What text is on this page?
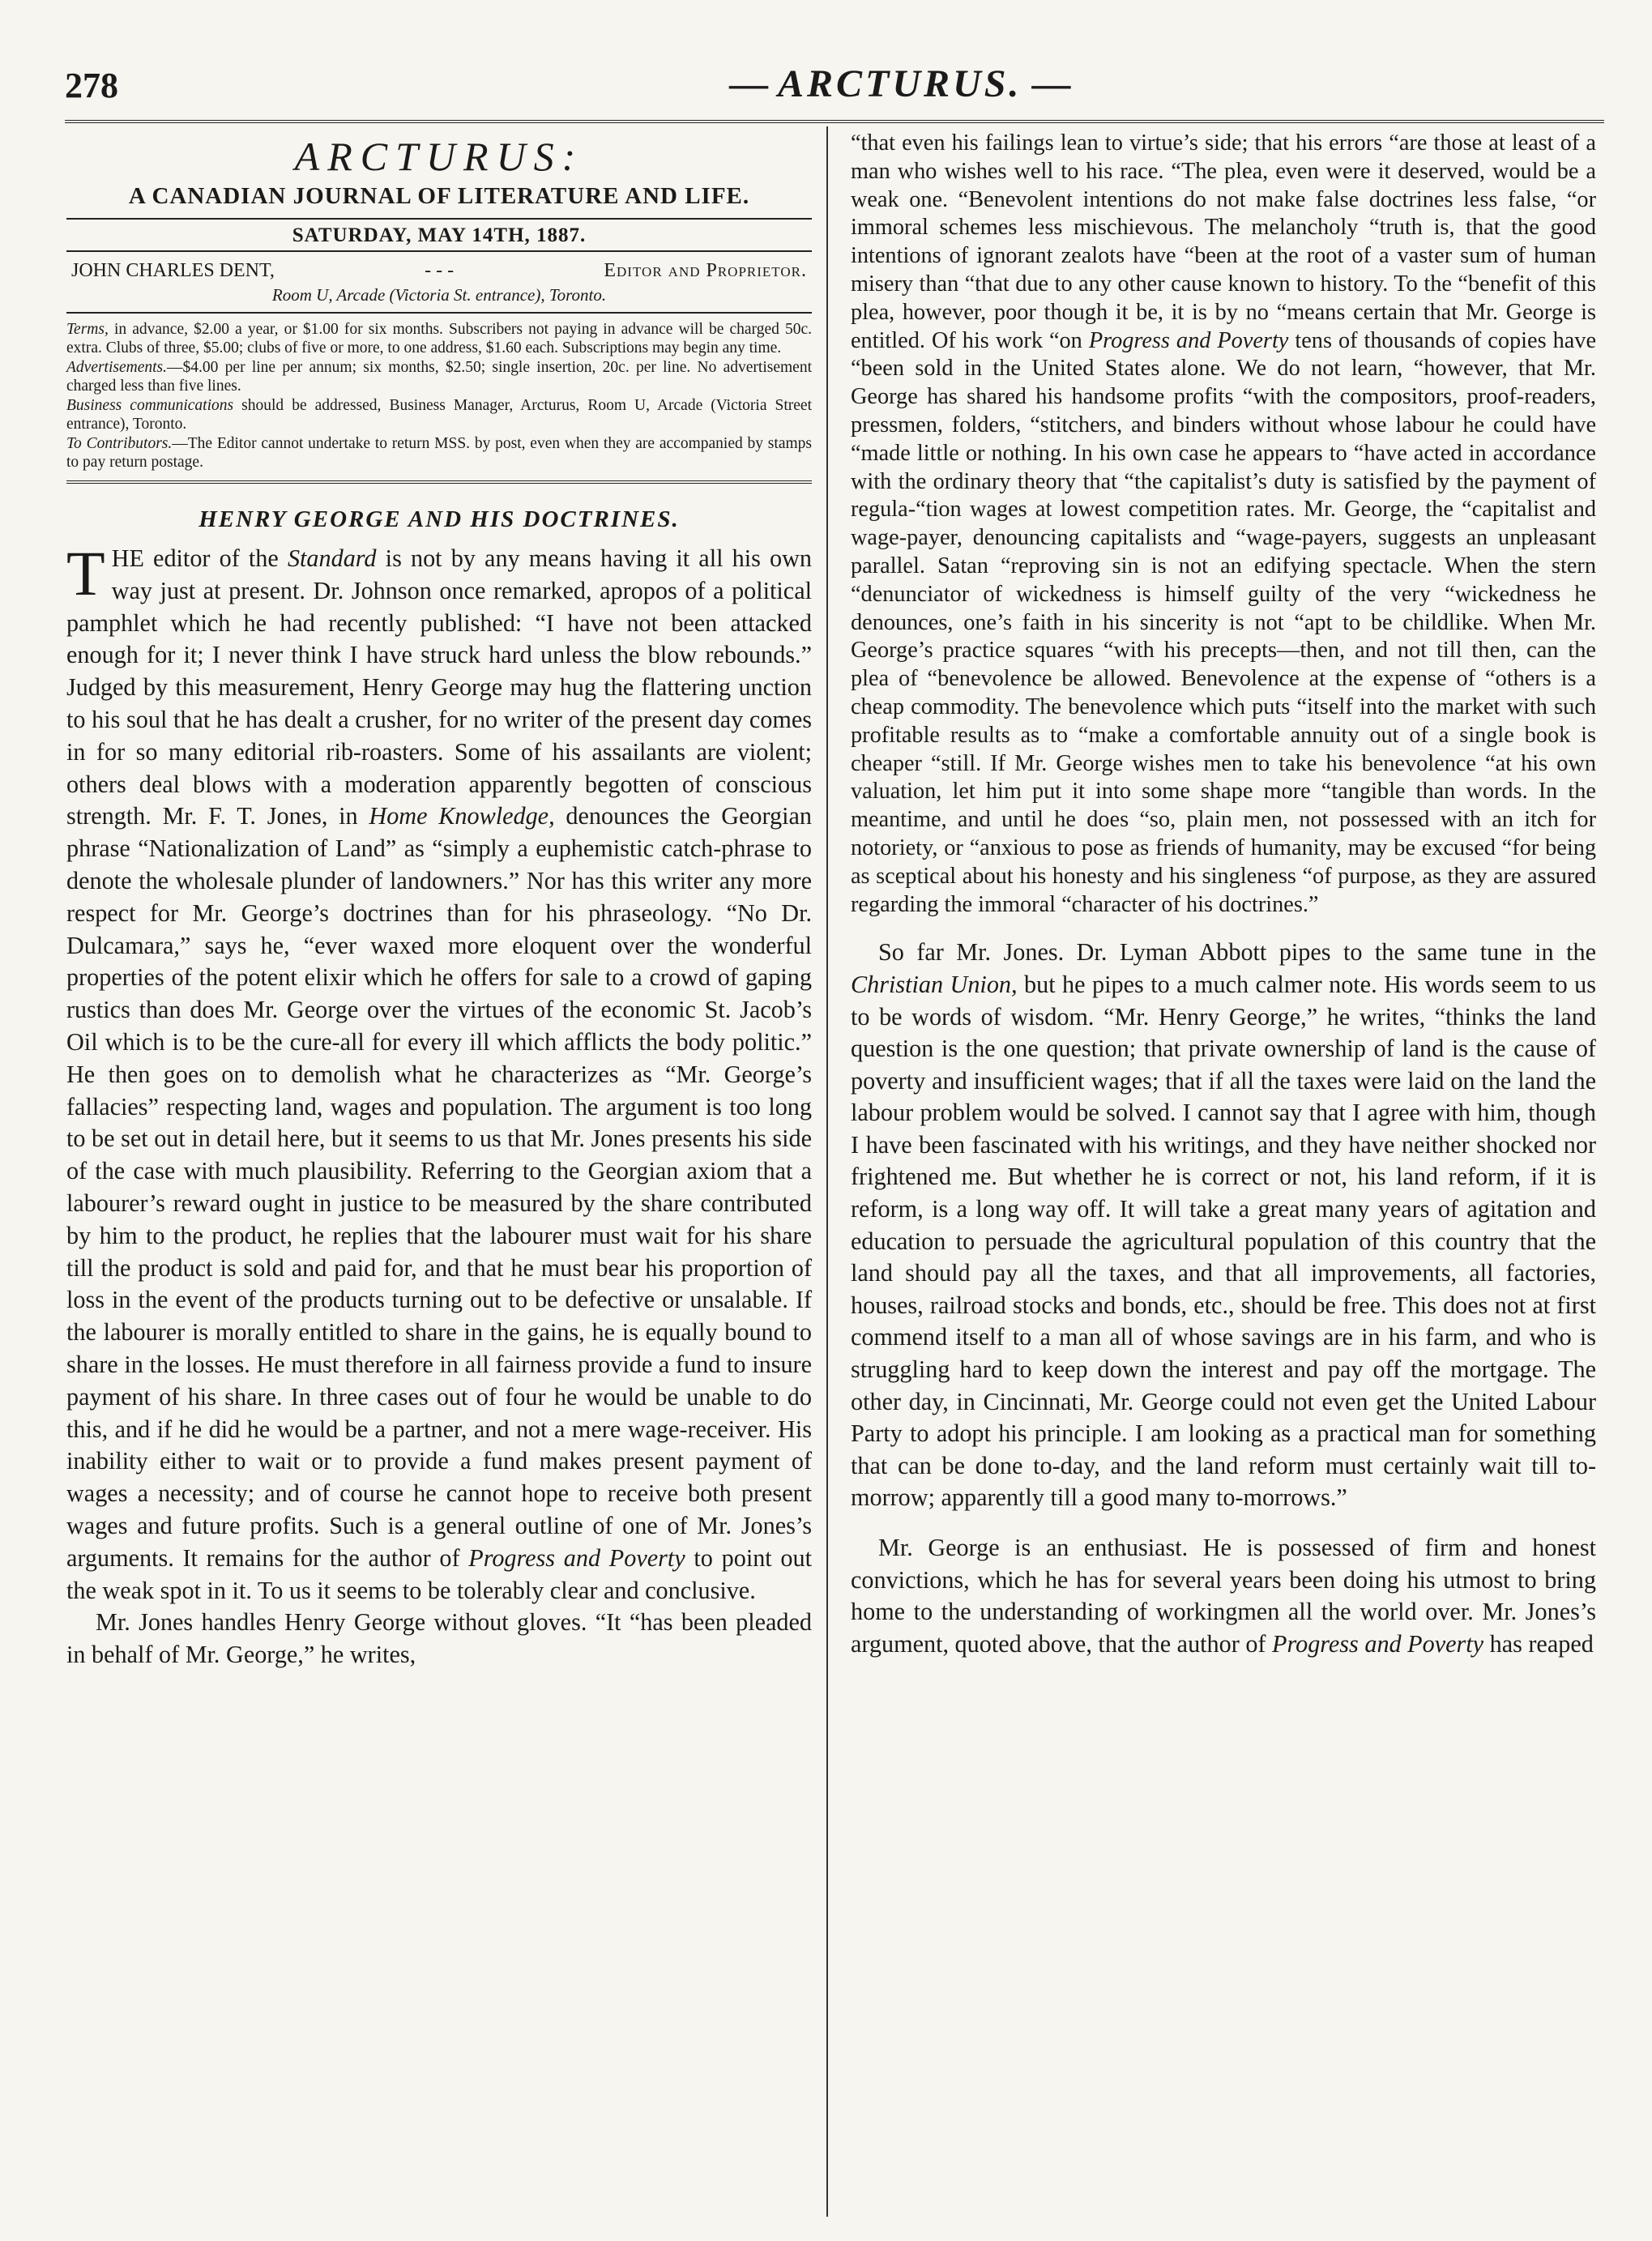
278	— ARCTURUS. —
ARCTURUS:
A CANADIAN JOURNAL OF LITERATURE AND LIFE.
SATURDAY, MAY 14TH, 1887.
JOHN CHARLES DENT,	- - -	Editor and Proprietor.
Room U, Arcade (Victoria St. entrance), Toronto.

Terms, in advance, $2.00 a year, or $1.00 for six months. Subscribers not paying in advance will be charged 50c. extra. Clubs of three, $5.00; clubs of five or more, to one address, $1.60 each. Subscriptions may begin any time.

Advertisements.—$4.00 per line per annum; six months, $2.50; single insertion, 20c. per line. No advertisement charged less than five lines.

Business communications should be addressed, Business Manager, Arcturus, Room U, Arcade (Victoria Street entrance), Toronto.

To Contributors.—The Editor cannot undertake to return MSS. by post, even when they are accompanied by stamps to pay return postage.

HENRY GEORGE AND HIS DOCTRINES.

THE editor of the Standard is not by any means having it all his own way just at present. Dr. Johnson once remarked, apropos of a political pamphlet which he had recently published: “I have not been attacked enough for it; I never think I have struck hard unless the blow rebounds.” Judged by this measurement, Henry George may hug the flattering unction to his soul that he has dealt a crusher, for no writer of the present day comes in for so many editorial rib-roasters. Some of his assailants are violent; others deal blows with a moderation apparently begotten of conscious strength. Mr. F. T. Jones, in Home Knowledge, denounces the Georgian phrase “Nationalization of Land” as “simply a euphemistic catch-phrase to denote the wholesale plunder of landowners.” Nor has this writer any more respect for Mr. George’s doctrines than for his phraseology. “No Dr. Dulcamara,” says he, “ever waxed more eloquent over the wonderful properties of the potent elixir which he offers for sale to a crowd of gaping rustics than does Mr. George over the virtues of the economic St. Jacob’s Oil which is to be the cure-all for every ill which afflicts the body politic.” He then goes on to demolish what he characterizes as “Mr. George’s fallacies” respecting land, wages and population. The argument is too long to be set out in detail here, but it seems to us that Mr. Jones presents his side of the case with much plausibility. Referring to the Georgian axiom that a labourer’s reward ought in justice to be measured by the share contributed by him to the product, he replies that the labourer must wait for his share till the product is sold and paid for, and that he must bear his proportion of loss in the event of the products turning out to be defective or unsalable. If the labourer is morally entitled to share in the gains, he is equally bound to share in the losses. He must therefore in all fairness provide a fund to insure payment of his share. In three cases out of four he would be unable to do this, and if he did he would be a partner, and not a mere wage-receiver. His inability either to wait or to provide a fund makes present payment of wages a necessity; and of course he cannot hope to receive both present wages and future profits. Such is a general outline of one of Mr. Jones’s arguments. It remains for the author of Progress and Poverty to point out the weak spot in it. To us it seems to be tolerably clear and conclusive.

Mr. Jones handles Henry George without gloves. “It “has been pleaded in behalf of Mr. George,” he writes,

“that even his failings lean to virtue’s side; that his errors “are those at least of a man who wishes well to his race. “The plea, even were it deserved, would be a weak one. “Benevolent intentions do not make false doctrines less false, “or immoral schemes less mischievous. The melancholy “truth is, that the good intentions of ignorant zealots have “been at the root of a vaster sum of human misery than “that due to any other cause known to history. To the “benefit of this plea, however, poor though it be, it is by no “means certain that Mr. George is entitled. Of his work “on Progress and Poverty tens of thousands of copies have “been sold in the United States alone. We do not learn, “however, that Mr. George has shared his handsome profits “with the compositors, proof-readers, pressmen, folders, “stitchers, and binders without whose labour he could have “made little or nothing. In his own case he appears to “have acted in accordance with the ordinary theory that “the capitalist’s duty is satisfied by the payment of regula-“tion wages at lowest competition rates. Mr. George, the “capitalist and wage-payer, denouncing capitalists and “wage-payers, suggests an unpleasant parallel. Satan “reproving sin is not an edifying spectacle. When the stern “denunciator of wickedness is himself guilty of the very “wickedness he denounces, one’s faith in his sincerity is not “apt to be childlike. When Mr. George’s practice squares “with his precepts—then, and not till then, can the plea of “benevolence be allowed. Benevolence at the expense of “others is a cheap commodity. The benevolence which puts “itself into the market with such profitable results as to “make a comfortable annuity out of a single book is cheaper “still. If Mr. George wishes men to take his benevolence “at his own valuation, let him put it into some shape more “tangible than words. In the meantime, and until he does “so, plain men, not possessed with an itch for notoriety, or “anxious to pose as friends of humanity, may be excused “for being as sceptical about his honesty and his singleness “of purpose, as they are assured regarding the immoral “character of his doctrines.”

So far Mr. Jones. Dr. Lyman Abbott pipes to the same tune in the Christian Union, but he pipes to a much calmer note. His words seem to us to be words of wisdom. “Mr. Henry George,” he writes, “thinks the land question is the one question; that private ownership of land is the cause of poverty and insufficient wages; that if all the taxes were laid on the land the labour problem would be solved. I cannot say that I agree with him, though I have been fascinated with his writings, and they have neither shocked nor frightened me. But whether he is correct or not, his land reform, if it is reform, is a long way off. It will take a great many years of agitation and education to persuade the agricultural population of this country that the land should pay all the taxes, and that all improvements, all factories, houses, railroad stocks and bonds, etc., should be free. This does not at first commend itself to a man all of whose savings are in his farm, and who is struggling hard to keep down the interest and pay off the mortgage. The other day, in Cincinnati, Mr. George could not even get the United Labour Party to adopt his principle. I am looking as a practical man for something that can be done to-day, and the land reform must certainly wait till to-morrow; apparently till a good many to-morrows.”

Mr. George is an enthusiast. He is possessed of firm and honest convictions, which he has for several years been doing his utmost to bring home to the understanding of workingmen all the world over. Mr. Jones’s argument, quoted above, that the author of Progress and Poverty has reaped
